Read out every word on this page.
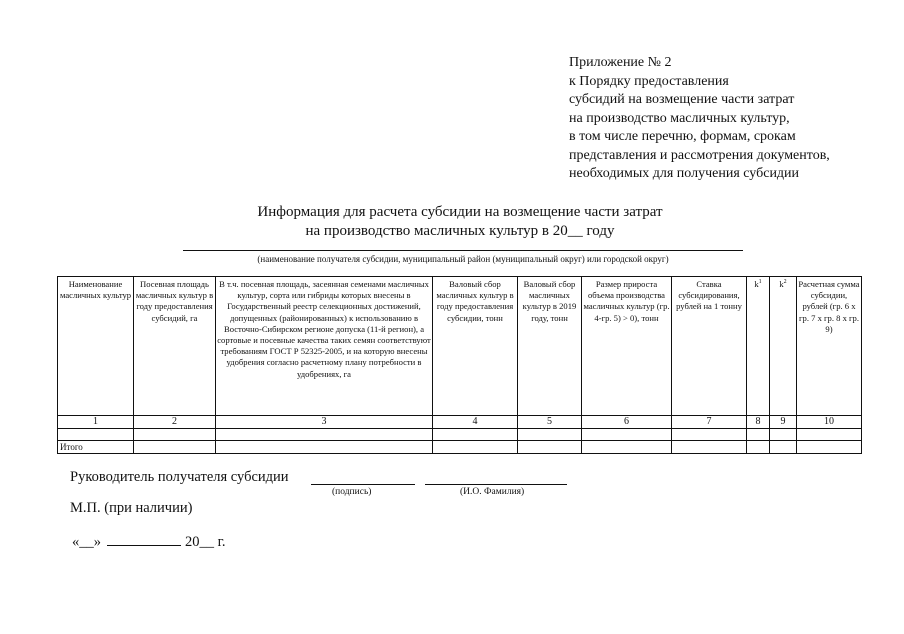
Приложение № 2
к Порядку предоставления
субсидий на возмещение части затрат
на производство масличных культур,
в том числе перечню, формам, срокам
представления и рассмотрения документов,
необходимых для получения субсидии
Информация для расчета субсидии на возмещение части затрат
на производство масличных культур в 20__ году
(наименование получателя субсидии, муниципальный район (муниципальный округ) или городской округ)
Наименование масличных культур	Посевная площадь масличных культур в году предоставления субсидий, га	В т.ч. посевная площадь, засеянная семенами масличных культур, сорта или гибриды которых внесены в Государственный реестр селекционных достижений, допущенных (районированных) к использованию в Восточно-Сибирском регионе допуска (11-й регион), а сортовые и посевные качества таких семян соответствуют требованиям ГОСТ Р 52325-2005, и на которую внесены удобрения согласно расчетному плану потребности в удобрениях, га	Валовый сбор масличных культур в году предоставления субсидии, тонн	Валовый сбор масличных культур в 2019 году, тонн	Размер прироста объема производства масличных культур (гр. 4-гр. 5) > 0), тонн	Ставка субсидирования, рублей на 1 тонну	$k^1$	$k^2$	Расчетная сумма субсидии, рублей (гр. 6 x гр. 7 x гр. 8 x гр. 9)
1	2	3	4	5	6	7	8	9	10

Итого									
Руководитель получателя субсидии
(подпись)	(И.О. Фамилия)
М.П. (при наличии)
«__»	20__ г.
